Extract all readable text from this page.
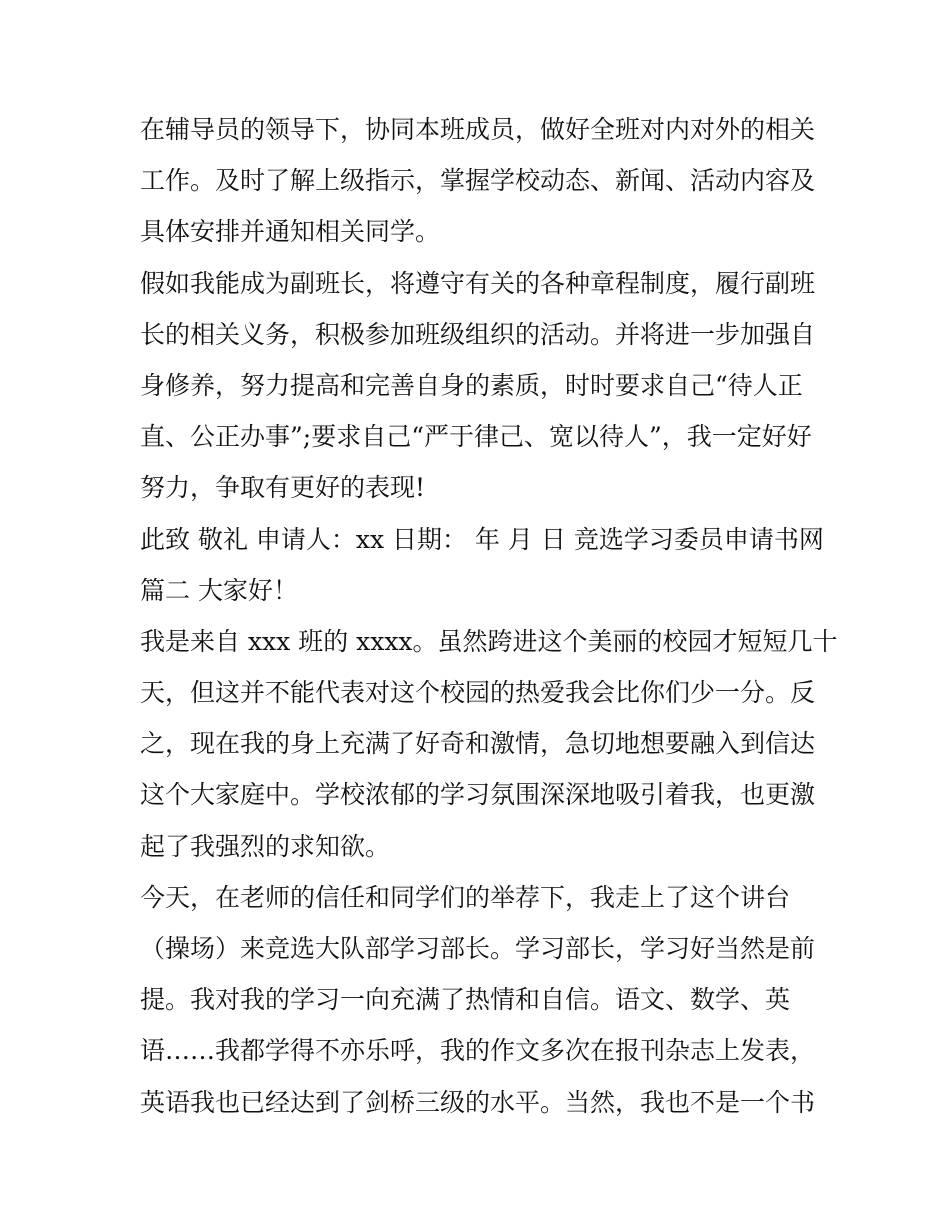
在辅导员的领导下，协同本班成员，做好全班对内对外的相关
工作。及时了解上级指示，掌握学校动态、新闻、活动内容及
具体安排并通知相关同学。
假如我能成为副班长，将遵守有关的各种章程制度，履行副班
长的相关义务，积极参加班级组织的活动。并将进一步加强自
身修养，努力提高和完善自身的素质，时时要求自己“待人正
直、公正办事”;要求自己“严于律己、宽以待人”，我一定好好
努力，争取有更好的表现!
此致 敬礼 申请人：xx 日期： 年 月 日 竞选学习委员申请书网
篇二 大家好！
我是来自 xxx 班的 xxxx。虽然跨进这个美丽的校园才短短几十
天，但这并不能代表对这个校园的热爱我会比你们少一分。反
之，现在我的身上充满了好奇和激情，急切地想要融入到信达
这个大家庭中。学校浓郁的学习氛围深深地吸引着我，也更激
起了我强烈的求知欲。
今天，在老师的信任和同学们的举荐下，我走上了这个讲台
（操场）来竞选大队部学习部长。学习部长，学习好当然是前
提。我对我的学习一向充满了热情和自信。语文、数学、英
语……我都学得不亦乐呼，我的作文多次在报刊杂志上发表，
英语我也已经达到了剑桥三级的水平。当然，我也不是一个书
